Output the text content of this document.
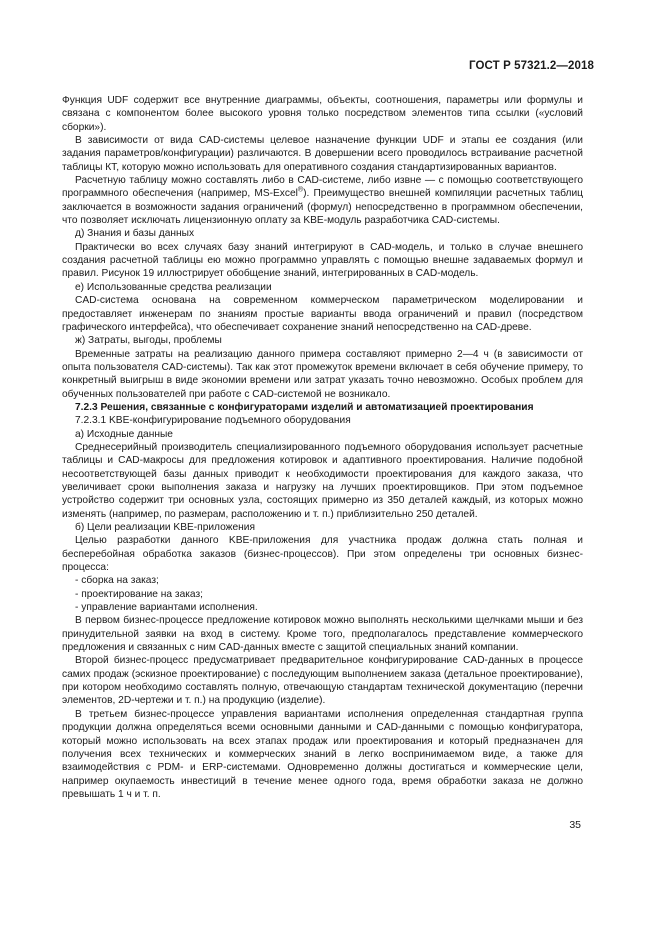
ГОСТ Р 57321.2—2018

Функция UDF содержит все внутренние диаграммы, объекты, соотношения, параметры или формулы и связана с компонентом более высокого уровня только посредством элементов типа ссылки («условий сборки»).

В зависимости от вида CAD-системы целевое назначение функции UDF и этапы ее создания (или задания параметров/конфигурации) различаются. В довершении всего проводилось встраивание расчетной таблицы КТ, которую можно использовать для оперативного создания стандартизированных вариантов.

Расчетную таблицу можно составлять либо в CAD-системе, либо извне — с помощью соответствующего программного обеспечения (например, MS-Excel®). Преимущество внешней компиляции расчетных таблиц заключается в возможности задания ограничений (формул) непосредственно в программном обеспечении, что позволяет исключать лицензионную оплату за KBE-модуль разработчика CAD-системы.

д) Знания и базы данных

Практически во всех случаях базу знаний интегрируют в CAD-модель, и только в случае внешнего создания расчетной таблицы ею можно программно управлять с помощью внешне задаваемых формул и правил. Рисунок 19 иллюстрирует обобщение знаний, интегрированных в CAD-модель.

е) Использованные средства реализации

CAD-система основана на современном коммерческом параметрическом моделировании и предоставляет инженерам по знаниям простые варианты ввода ограничений и правил (посредством графического интерфейса), что обеспечивает сохранение знаний непосредственно на CAD-древе.

ж) Затраты, выгоды, проблемы

Временные затраты на реализацию данного примера составляют примерно 2—4 ч (в зависимости от опыта пользователя CAD-системы). Так как этот промежуток времени включает в себя обучение примеру, то конкретный выигрыш в виде экономии времени или затрат указать точно невозможно. Особых проблем для обученных пользователей при работе с CAD-системой не возникало.

7.2.3 Решения, связанные с конфигураторами изделий и автоматизацией проектирования

7.2.3.1 KBE-конфигурирование подъемного оборудования

а) Исходные данные

Среднесерийный производитель специализированного подъемного оборудования использует расчетные таблицы и CAD-макросы для предложения котировок и адаптивного проектирования. Наличие подобной несоответствующей базы данных приводит к необходимости проектирования для каждого заказа, что увеличивает сроки выполнения заказа и нагрузку на лучших проектировщиков. При этом подъемное устройство содержит три основных узла, состоящих примерно из 350 деталей каждый, из которых можно изменять (например, по размерам, расположению и т. п.) приблизительно 250 деталей.

б) Цели реализации KBE-приложения

Целью разработки данного KBE-приложения для участника продаж должна стать полная и бесперебойная обработка заказов (бизнес-процессов). При этом определены три основных бизнес-процесса:

- сборка на заказ;

- проектирование на заказ;

- управление вариантами исполнения.

В первом бизнес-процессе предложение котировок можно выполнять несколькими щелчками мыши и без принудительной заявки на вход в систему. Кроме того, предполагалось представление коммерческого предложения и связанных с ним CAD-данных вместе с защитой специальных знаний компании.

Второй бизнес-процесс предусматривает предварительное конфигурирование CAD-данных в процессе самих продаж (эскизное проектирование) с последующим выполнением заказа (детальное проектирование), при котором необходимо составлять полную, отвечающую стандартам технической документацию (перечни элементов, 2D-чертежи и т. п.) на продукцию (изделие).

В третьем бизнес-процессе управления вариантами исполнения определенная стандартная группа продукции должна определяться всеми основными данными и CAD-данными с помощью конфигуратора, который можно использовать на всех этапах продаж или проектирования и который предназначен для получения всех технических и коммерческих знаний в легко воспринимаемом виде, а также для взаимодействия с PDM- и ERP-системами. Одновременно должны достигаться и коммерческие цели, например окупаемость инвестиций в течение менее одного года, время обработки заказа не должно превышать 1 ч и т. п.

35
